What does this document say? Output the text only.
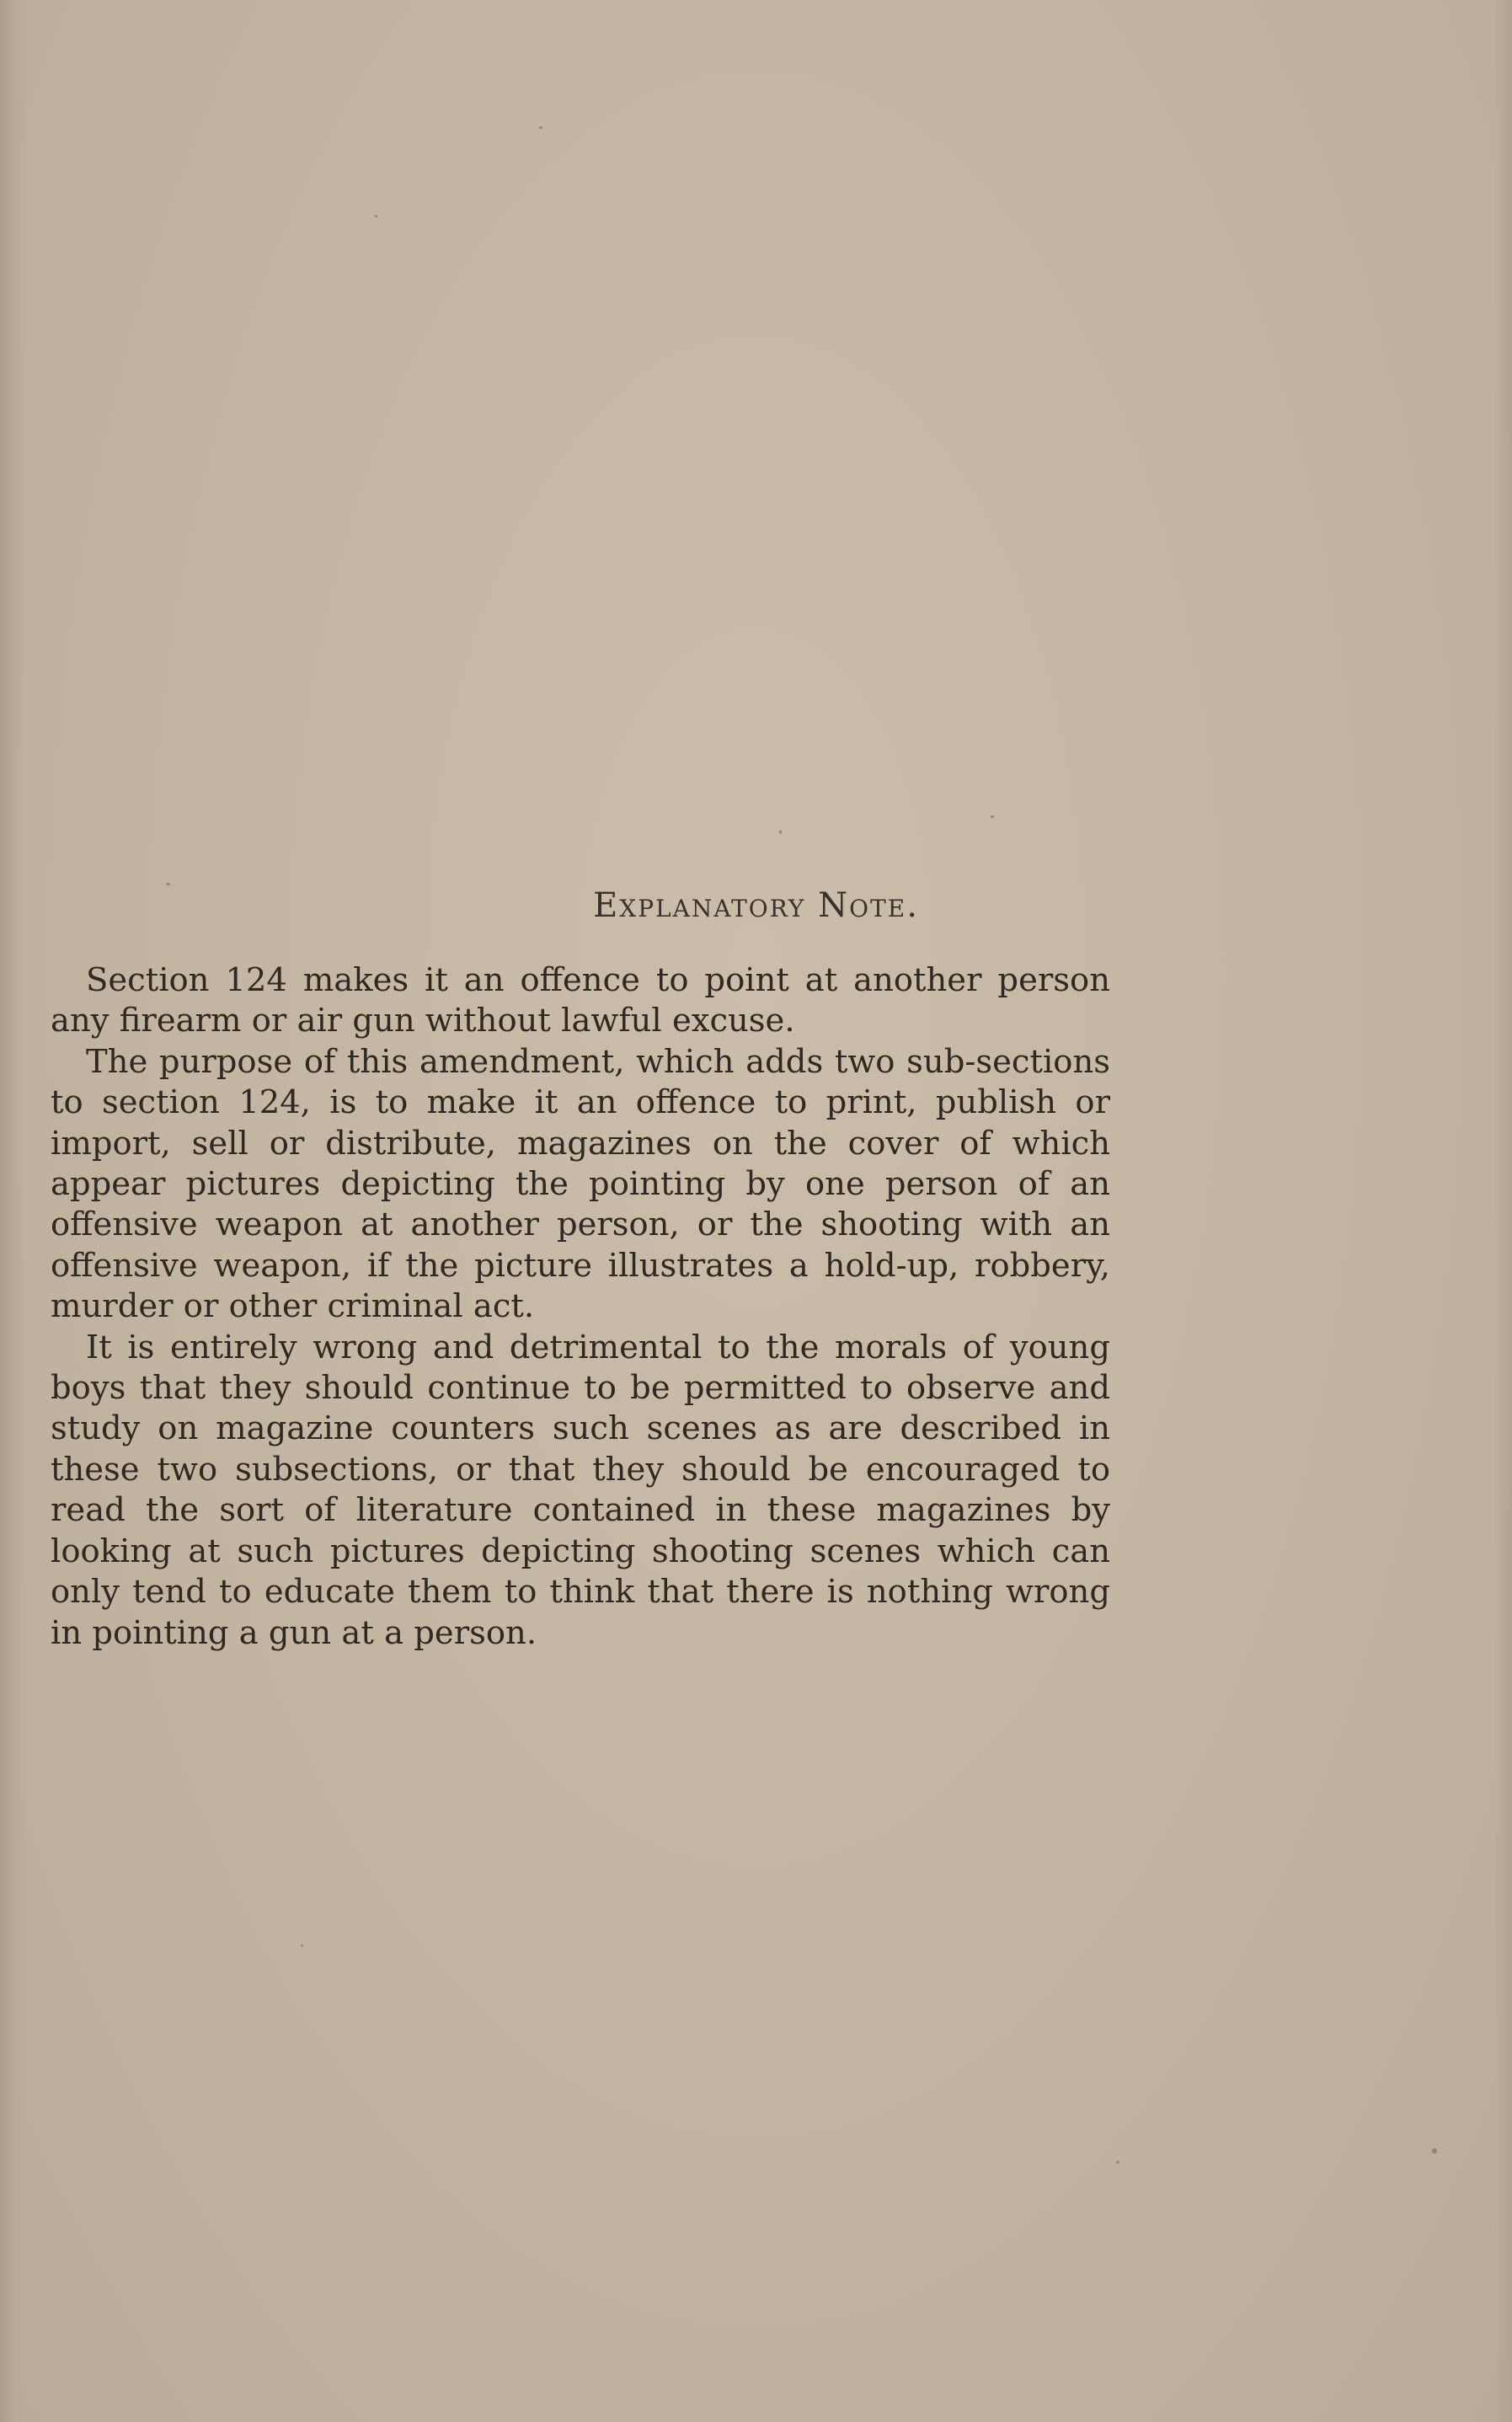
Explanatory Note.

Section 124 makes it an offence to point at another person any firearm or air gun without lawful excuse.

The purpose of this amendment, which adds two sub-sections to section 124, is to make it an offence to print, publish or import, sell or distribute, magazines on the cover of which appear pictures depicting the pointing by one person of an offensive weapon at another person, or the shooting with an offensive weapon, if the picture illustrates a hold-up, robbery, murder or other criminal act.

It is entirely wrong and detrimental to the morals of young boys that they should continue to be permitted to observe and study on magazine counters such scenes as are described in these two subsections, or that they should be encouraged to read the sort of literature contained in these magazines by looking at such pictures depicting shooting scenes which can only tend to educate them to think that there is nothing wrong in pointing a gun at a person.
